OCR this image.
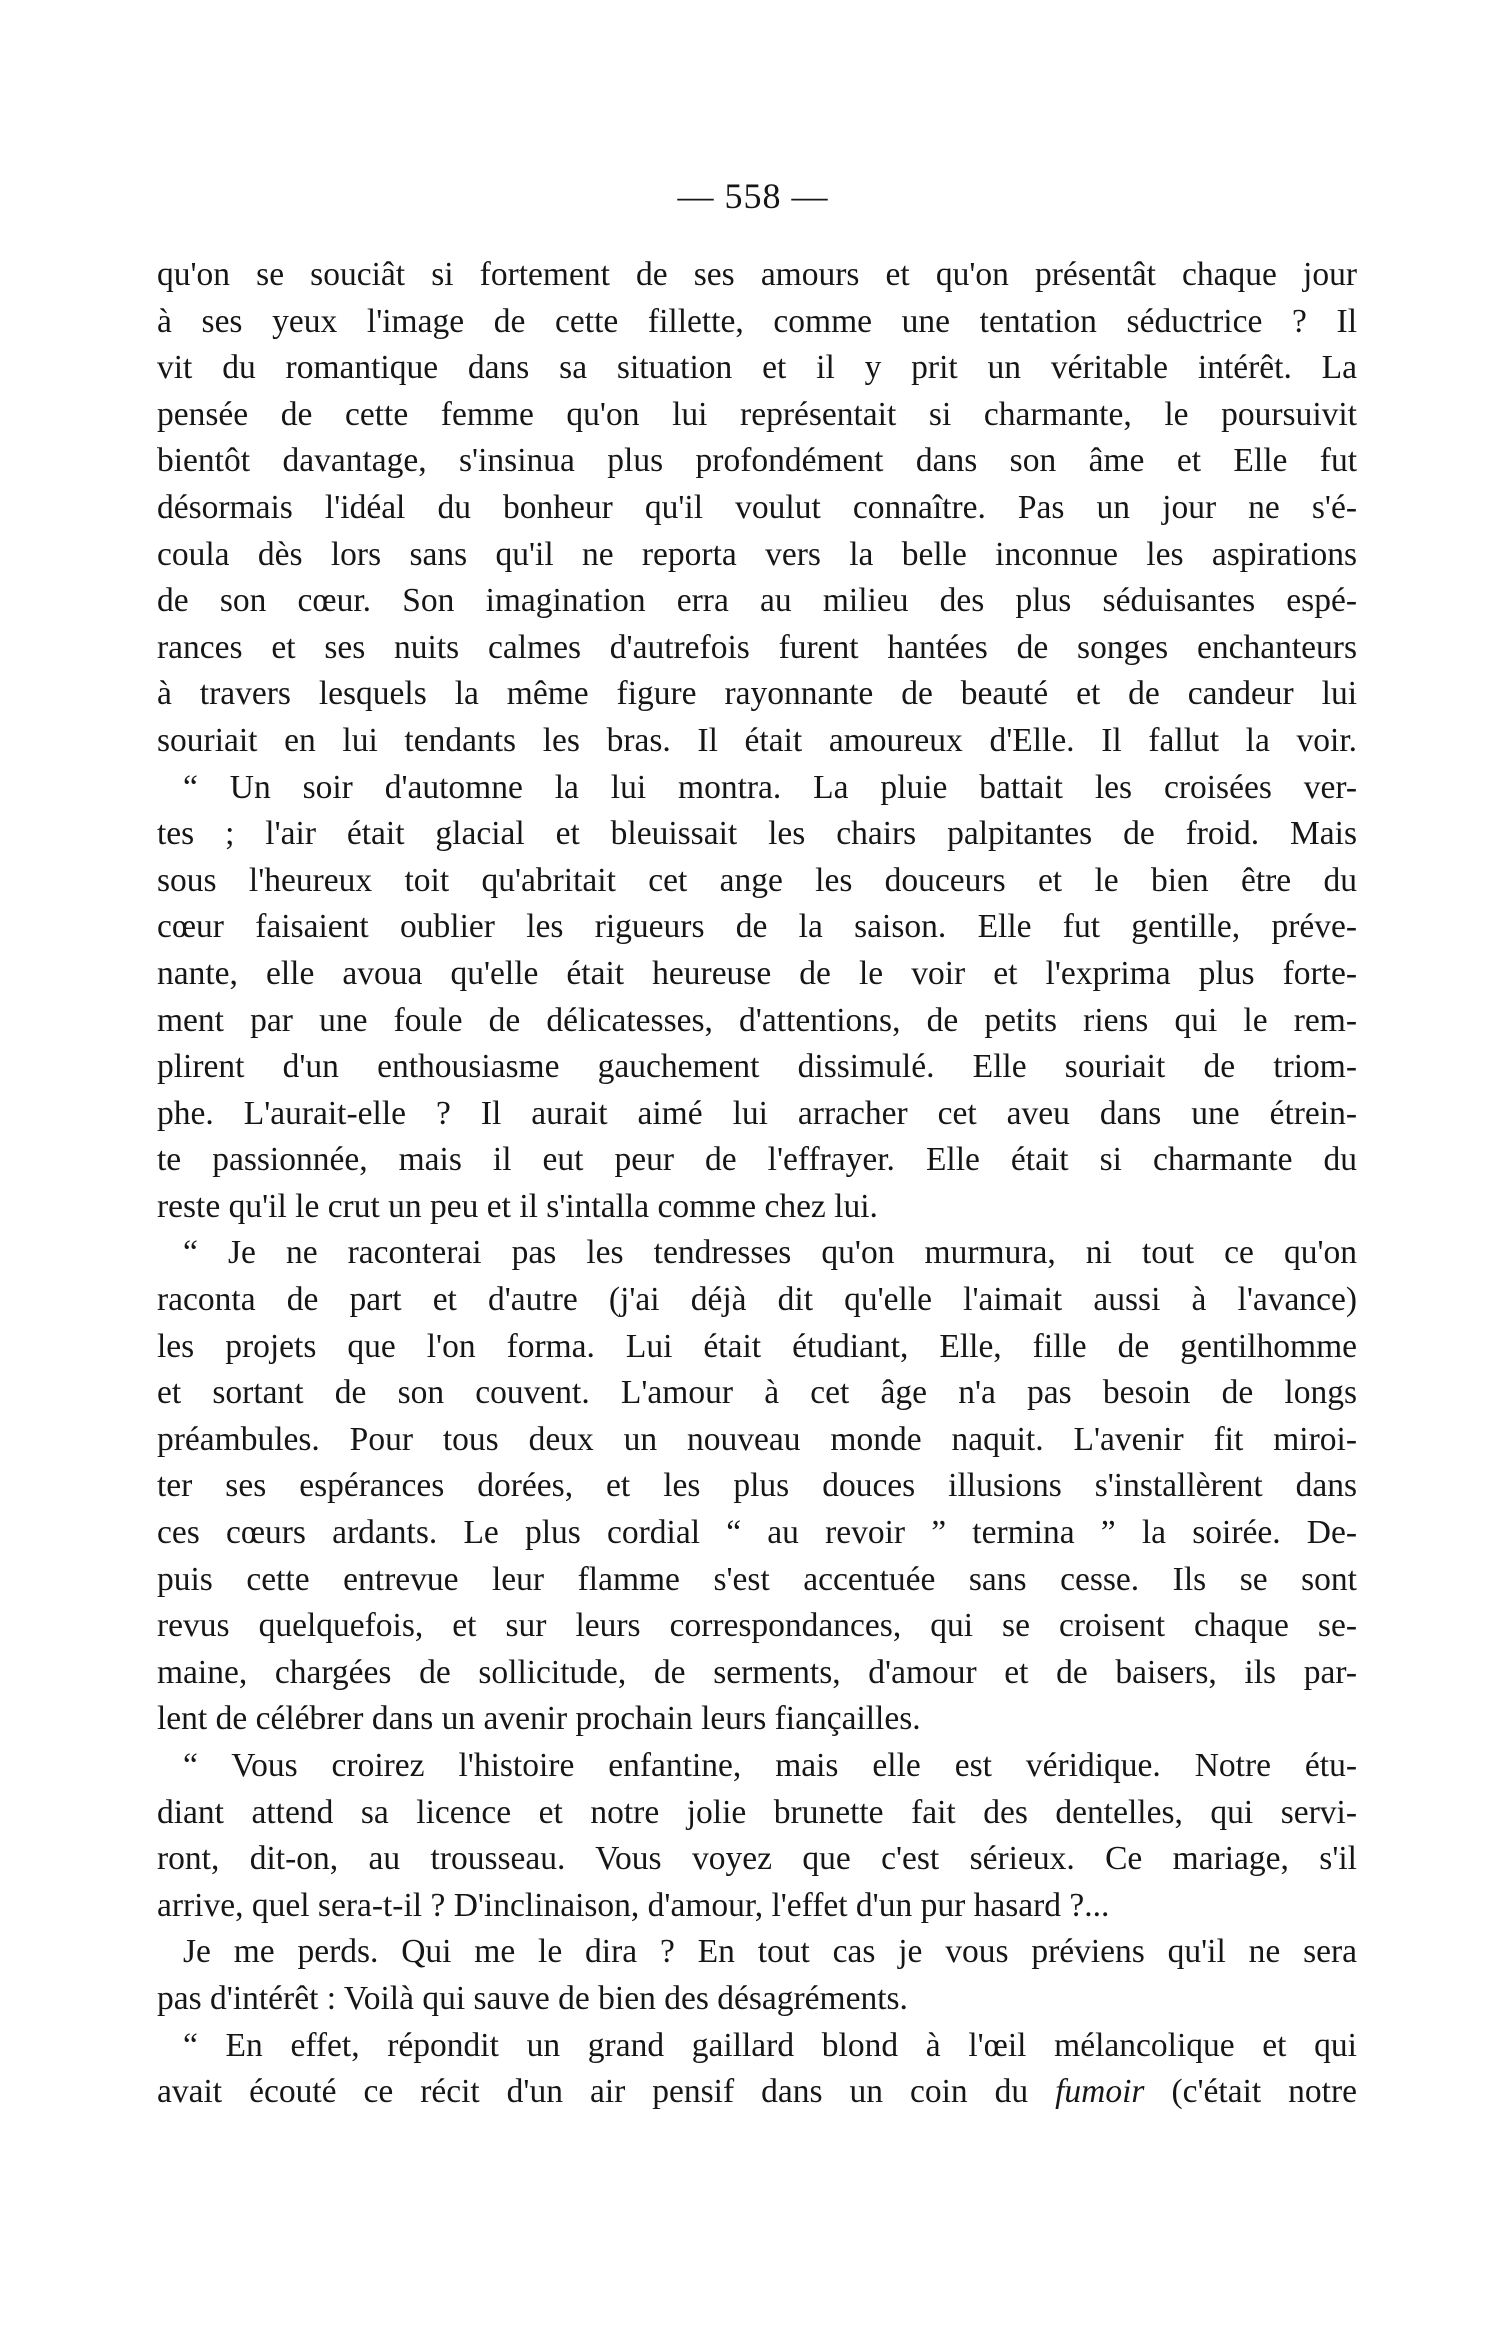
— 558 —
qu'on se souciât si fortement de ses amours et qu'on présentât chaque jour
à ses yeux l'image de cette fillette, comme une tentation séductrice ? Il
vit du romantique dans sa situation et il y prit un véritable intérêt. La
pensée de cette femme qu'on lui représentait si charmante, le poursuivit
bientôt davantage, s'insinua plus profondément dans son âme et Elle fut
désormais l'idéal du bonheur qu'il voulut connaître. Pas un jour ne s'é-
coula dès lors sans qu'il ne reporta vers la belle inconnue les aspirations
de son cœur. Son imagination erra au milieu des plus séduisantes espé-
rances et ses nuits calmes d'autrefois furent hantées de songes enchanteurs
à travers lesquels la même figure rayonnante de beauté et de candeur lui
souriait en lui tendants les bras. Il était amoureux d'Elle. Il fallut la voir.
“ Un soir d'automne la lui montra. La pluie battait les croisées ver-
tes ; l'air était glacial et bleuissait les chairs palpitantes de froid. Mais
sous l'heureux toit qu'abritait cet ange les douceurs et le bien être du
cœur faisaient oublier les rigueurs de la saison. Elle fut gentille, préve-
nante, elle avoua qu'elle était heureuse de le voir et l'exprima plus forte-
ment par une foule de délicatesses, d'attentions, de petits riens qui le rem-
plirent d'un enthousiasme gauchement dissimulé. Elle souriait de triom-
phe. L'aurait-elle ? Il aurait aimé lui arracher cet aveu dans une étrein-
te passionnée, mais il eut peur de l'effrayer. Elle était si charmante du
reste qu'il le crut un peu et il s'intalla comme chez lui.
“ Je ne raconterai pas les tendresses qu'on murmura, ni tout ce qu'on
raconta de part et d'autre (j'ai déjà dit qu'elle l'aimait aussi à l'avance)
les projets que l'on forma. Lui était étudiant, Elle, fille de gentilhomme
et sortant de son couvent. L'amour à cet âge n'a pas besoin de longs
préambules. Pour tous deux un nouveau monde naquit. L'avenir fit miroi-
ter ses espérances dorées, et les plus douces illusions s'installèrent dans
ces cœurs ardants. Le plus cordial “ au revoir ” termina ” la soirée. De-
puis cette entrevue leur flamme s'est accentuée sans cesse. Ils se sont
revus quelquefois, et sur leurs correspondances, qui se croisent chaque se-
maine, chargées de sollicitude, de serments, d'amour et de baisers, ils par-
lent de célébrer dans un avenir prochain leurs fiançailles.
“ Vous croirez l'histoire enfantine, mais elle est véridique. Notre étu-
diant attend sa licence et notre jolie brunette fait des dentelles, qui servi-
ront, dit-on, au trousseau. Vous voyez que c'est sérieux. Ce mariage, s'il
arrive, quel sera-t-il ? D'inclinaison, d'amour, l'effet d'un pur hasard ?...
Je me perds. Qui me le dira ? En tout cas je vous préviens qu'il ne sera
pas d'intérêt : Voilà qui sauve de bien des désagréments.
“ En effet, répondit un grand gaillard blond à l'œil mélancolique et qui
avait écouté ce récit d'un air pensif dans un coin du fumoir (c'était notre
